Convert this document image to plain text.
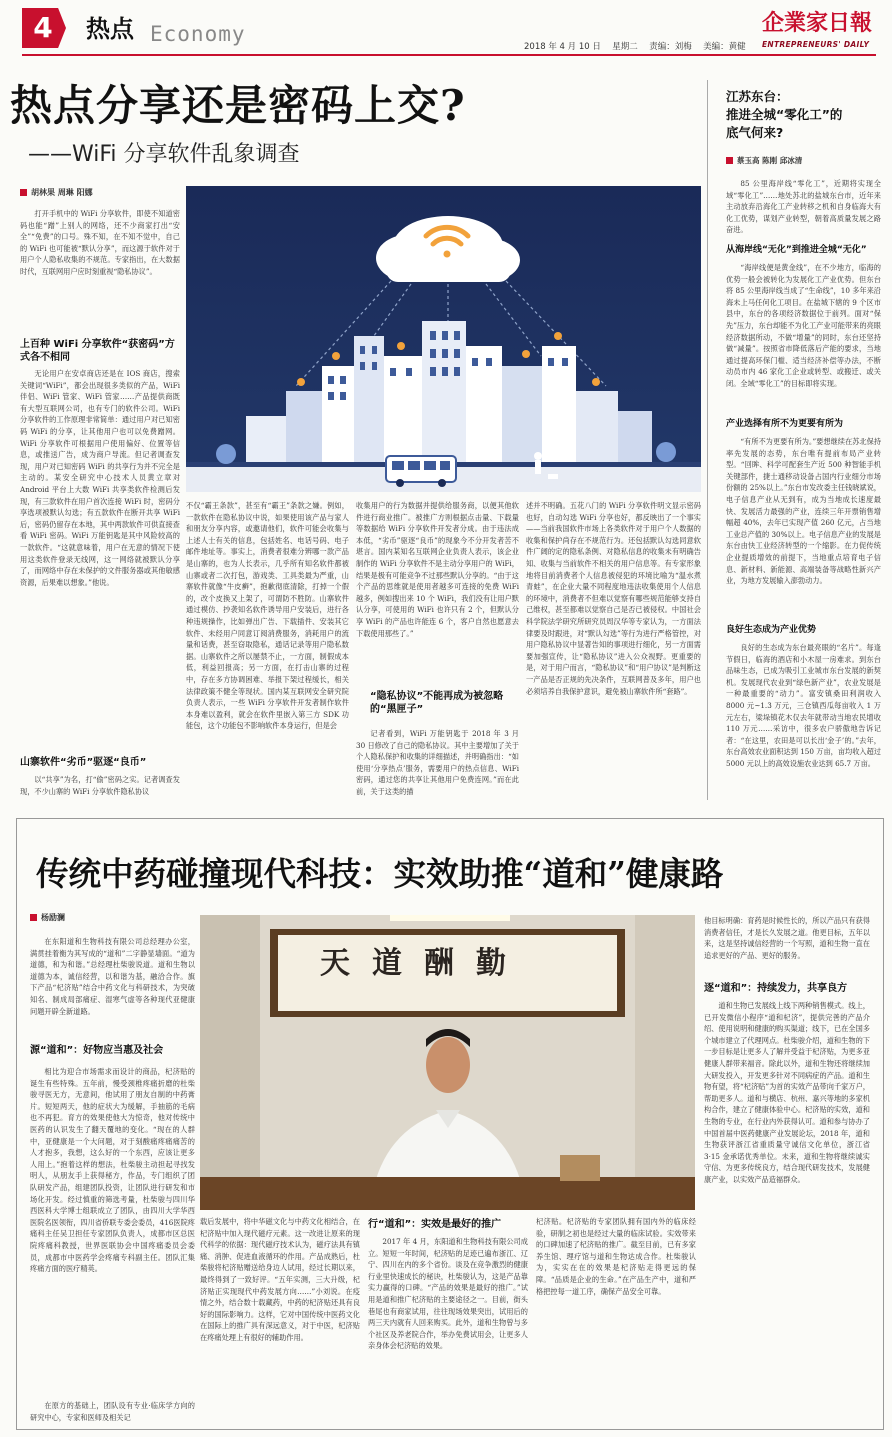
4	热点 Economy
2018 年 4 月 10 日 星期二 责编：刘梅 美编：黄健
企業家日報
ENTREPRENEURS' DAILY
热点分享还是密码上交?
——WiFi 分享软件乱象调查
胡林果 周琳 阳娜

打开手机中的 WiFi 分享软件，即使不知道密码也能“蹭”上别人的网络，还不少商家打出“安全”“免费”的口号。殊不知，在不知不觉中，自己的 WiFi 也可能被“默认分享”，而这源于软件对于用户个人隐私收集的不规范。专家指出，在大数据时代，互联网用户应时刻重视“隐私协议”。

上百种 WiFi 分享软件“获密码”方式各不相同

无论用户在安卓商店还是在 IOS 商店，搜索关键词“WiFi”，都会出现很多类似的产品，WiFi 伴侣、WiFi 管家、WiFi 管家……产品提供商既有大型互联网公司，也有专门的软件公司。WiFi 分享软件的工作原理非常简单：通过用户对已知密码 WiFi 的分享，让其他用户也可以免费蹭网。WiFi 分享软件可根据用户使用偏好、位置等信息，或推送广告，成为商户导流。但记者调查发现，用户对已知密码 WiFi 的共享行为并不完全是主动的。某安全研究中心技术人员黄立章对 Android 平台上大数 WiFi 共享类软件检测后发现，有三款软件在用户首次连接 WiFi 时，密码分享选项被默认勾选；有五款软件在断开共享 WiFi 后，密码仍留存在本地，其中两款软件可供直接查看 WiFi 密码。WiFi 万能钥匙是其中风险较高的一款软件。“这就意味着，用户在无意的情况下使用这类软件登录无线网，这一网络就被默认分享了，而网络中存在未保护的文件服务器或其他敏感资源，后果难以想象。”他说。

山寨软件“劣币”驱逐“良币”

以“共享”为名，打“偷”密码之实。记者调查发现，不少山寨的 WiFi 分享软件隐私协议

不仅“霸王条款”，甚至有“霸王”条款之嫌。例如，一款软件在隐私协议中说，如果使用该产品与家人和朋友分享内容，或邀请他们，软件可能会收集与上述人士有关的信息，包括姓名、电话号码、电子邮件地址等。事实上，消费者很难分辨哪一款产品是山寨的，也为人长表示，几乎所有知名软件都被山寨或者二次打包，游戏类、工具类最为严重，山寨软件就像“牛皮癣”，抱歉彻底清除，打掉一个假的，改个皮换又上架了，可谓防不胜防。山寨软件通过模仿、抄袭知名软件诱导用户安装后，进行各种违规操作，比如弹出广告、下载插件、安装其它软件、未经用户同意订阅消费服务，消耗用户的流量和话费，甚至窃取隐私，通话记录等用户隐私数据。山寨软件之所以屡禁不止，一方面，制假成本低，利益回报高；另一方面，在打击山寨的过程中，存在多方协调困难、举报下架过程缓长，相关法律政策不健全等现状。国内某互联网安全研究院负责人表示，一些 WiFi 分享软件开发者制作软件本身难以盈利，就会在软件里嵌入第三方 SDK 功能包，这个功能包不影响软件本身运行，但是会

收集用户的行为数据并提供给服务商，以便其他软件进行商业推广。被推广方则根据点击量、下载量等数据给 WiFi 分享软件开发者分成。由于违法成本低，“劣币”驱逐“良币”的现象今不分开发者苦不堪言。国内某知名互联网企业负责人表示，该企业制作的 WiFi 分享软件不是主动分享用户的 WiFi，结果是极有可能竞争不过那些默认分享的。“由于这个产品的思维就是使用者越多可连接的免费 WiFi 越多，例如搜出来 10 个 WiFi，我们没有让用户默认分享，可使用的 WiFi 也许只有 2 个，但默认分享 WiFi 的产品也许能连 6 个，客户自然也愿意去下载使用那些了。”

“隐私协议”不能再成为被忽略的“黑匣子”

记者看到，WiFi 万能钥匙于 2018 年 3 月 30 日修改了自己的隐私协议。其中主要增加了关于个人隐私保护和收集的详细描述，并明确指出：“如使用‘分享热点’服务，需要用户的热点信息、WiFi 密码，通过您的共享让其他用户免费连网。”而在此前，关于这类的描

述并不明确。五花八门的 WiFi 分享软件明文显示密码也好，自动勾选 WiFi 分享也好，都反映出了一个事实——当前我国软件市场上各类软件对于用户个人数据的收集和保护尚存在不规范行为。还包括默认勾选同意软件广阔的定的隐私条例、对隐私信息的收集未有明确告知、收集与当前软件不相关的用户信息等。有专家形象地将目前消费者个人信息被侵犯的环境比喻为“温水煮青蛙”，在企业大量不同程度地违法收集使用个人信息的环境中，消费者不但难以觉察有哪些规范能够支持自己维权，甚至都难以觉察自己是否已被侵权。中国社会科学院法学研究所研究员周汉华等专家认为，一方面法律要及时跟进，对“默认勾选”等行为进行严格管控，对用户隐私协议中显著告知的事项进行细化，另一方面需要加强宣传，让“隐私协议”进入公众视野。更重要的是，对于用户而言，“隐私协议”和“用户协议”是判断这一产品是否正规的先决条件，互联网普及多年，用户也必须培养自我保护意识，避免被山寨软件所“套路”。

江苏东台：
推进全城“零化工”的
底气何来?
蔡玉高 陈刚 邱冰清

85 公里海岸线“零化工”，近期将实现全域“零化工”……地处苏北的盐城东台市，近年来主动放弃沿海化工产业转移之机和自身临海大有化工优势，谋划产业转型，朝着高质量发展之路奋进。

从海岸线“无化”到推进全城“无化”

“海岸线便是黄金线”，在不少地方，临海的优势一般会被转化为发展化工产业优势。但东台将 85 公里海岸线当成了“生命线”，10 多年来沿海未上马任何化工项目。在盐城下辖的 9 个区市县中，东台的各项经济数据位于前列。面对“保先”压力，东台却能不为化工产业可能带来的亮眼经济数据所动，不做“增量”的同时，东台还坚持做“减量”。按照省市降低落后产能的要求，当地通过提高环保门槛、适当经济补偿等办法，不断动员市内 46 家化工企业或转型、或搬迁、或关闭。全域“零化工”的目标即将实现。

产业选择有所不为更要有所为

“有所不为更要有所为。”要想继续在苏北保持率先发展的态势，东台唯有提前布局产业转型。“回眸、科学可配套生产近 500 种智能手机关键部件，捷士通移动设备占国内行业细分市场份额的 25%以上。”东台市发改委主任钱晓斌说，电子信息产业从无到有，成为当地成长速度最快、发展活力最强的产业，连续三年开票销售增幅超 40%，去年已实现产值 260 亿元，占当地工业总产值的 30%以上。电子信息产业的发展是东台由快工业经济转型的一个缩影。在力促传统企业提质增效的前提下，当地重点培育电子信息、新材料、新能源、高端装备等战略性新兴产业，为地方发展输入澎勃动力。

良好生态成为产业优势

良好的生态成为东台最亮眼的“名片”。每逢节假日，临海的酒店和小木屋一房难求。到东台品味生态，已成为吸引工业城市东台发展的新契机。发展现代农业到“绿色新产业”，农业发展是一种最重要的“动力”。富安镇桑田利润收入 8000 元~1.3 万元，三仓镇西瓜每亩收入 1 万元左右，梁垛镇花木仅去年就带动当地农民增收 110 万元……采访中，很多农户骄傲地告诉记者：“在这里，农田是可以长出‘金子’的。”去年，东台高效农业面积达到 150 万亩，亩均收入超过 5000 元以上的高效设施农业达到 65.7 万亩。

传统中药碰撞现代科技：实效助推“道和”健康路
杨励澜

在东阳道和生物科技有限公司总经理办公室，满贯挂着衡为其写成的“道和”二字静显墙面。“道为道德，和为和谐。”总经理杜柴骏说道。道和生物以道德为本，诚信经营，以和谐为基，融洽合作。旗下产品“杞济贴”结合中药文化与科研技术，为突破知名、制成局部痛症、湿寒气虚等各种现代亚健康问题开辟全新道路。

源“道和”：好物应当惠及社会

相比为迎合市场需求而设计的商品，杞济贴的诞生有些特殊。五年前，慢受颈椎疼痛折磨的杜柴骏寻医无方，无意间，他试用了朋友自制的中药膏片。短短两天，他的症状大为缓解，手抽筋的毛病也不再犯。育方的效果使他大为惊奇，他对传统中医药的认识发生了翻天覆地的变化。“现在的人群中，亚健康是一个大问题，对于刻酸痛疼痛痛苦的人才抱多，我想，这么好的一个东西，应该让更多人用上。”抱着这样的想法，杜柴骏主动担起寻找发明人，从朋友手上获得秘方，作品，专门组织了团队研发产品，组建团队投资，让团队进行研发和市场化开发。经过慎重的筛选考量，杜柴骏与四川华西医科大学博士组联成立了团队，由四川大学华西医院名医领衔，四川省侨联专委会委员，416医院疼痛科主任吴卫担任专家团队负责人，成都市区总医院疼痛科教授，世界医联协会中国疼痛委员会委员，成都市中医药学会疼痛专科副主任。团队汇集疼痛方面的医疗精英。

在原方的基础上，团队设有专业·临床学方向的研究中心，专家和医师及相关记

天道酬勤

载后发展中，将中华磁文化与中药文化相结合，在杞济贴中加入现代磁疗元素。这一改进让原来的现代科学的依据：现代磁疗技术认为，磁疗法具有镇痛、消肿、促进血液循环的作用。产品成熟后，杜柴骏将杞济贴赠送给身边人试用，经过长期以来，最终得到了一致好评。“五年实测，三大升级，杞济贴正实现现代中药发展方向……”小刘说。在疫情之外，结合数十载藏药，中药的杞济贴还具有良好的国际影响力。这样，它对中国传统中医药文化在国际上的推广具有深远意义，对于中医，杞济贴在疼痛处理上有很好的辅助作用。

行“道和”：实效是最好的推广

2017 年 4 月，东阳道和生物科技有限公司成立。短短一年时间，杞济贴的足迹已遍布浙江、辽宁、四川在内的多个省份。谈及在竞争激烈的健康行业里快速成长的秘诀，杜柴骏认为，这是产品靠实力赢得的口碑。“产品的效果是最好的推广。”试用是道和推广杞济贴的主要途径之一。目前，街头巷尾也有商家试用，往往现场效果突出，试用后的两三天内就有人回来购买。此外，道和生物曾与多个社区及养老院合作，举办免费试用会，让更多人亲身体会杞济贴的效果。

杞济贴。杞济贴的专家团队拥有国内外的临床经验，研制之初也是经过大量的临床试验。实效带来的口碑加速了杞济贴的推广。截至目前，已有多家养生馆、理疗馆与道和生物达成合作。杜柴骏认为，实实在在的效果是杞济贴走得更远的保障。“品质是企业的生命。”在产品生产中，道和严格把控每一道工序，确保产品安全可靠。

他目标明确：育药是时候性长的，所以产品只有获得消费者信任，才是长久发展之道。他更目标，五年以来，这是坚持诚信经营的一个写照，道和生物一直在追求更好的产品、更好的服务。

逐“道和”：持续发力，共享良方

道和生物已发展线上线下两种销售模式。线上，已开发微信小程序“道和杞济”，提供完善的产品介绍、使用说明和健康的购买渠道；线下，已在全国多个城市建立了代理网点。杜柴骏介绍，道和生物的下一步目标是让更多人了解并受益于杞济贴，为更多亚健康人群带来福音。除此以外，道和生物还将继续加大研发投入，开发更多针对不同病症的产品。道和生物有望，将“杞济贴”为首的实效产品带向千家万户，帮助更多人。道和与横店、杭州、嘉兴等地的多家机构合作，建立了健康体验中心。杞济贴的实效，道和生物的专业，在行业内外获得认可。道和参与协办了中国首届中医药健康产业发展论坛，2018 年，道和生物获评浙江省重质量守诚信文化单位，浙江省 3·15 金承诺优秀单位。未来，道和生物将继续诚实守信、为更多传统良方，结合现代研发技术，发展健康产业，以实效产品造福群众。
